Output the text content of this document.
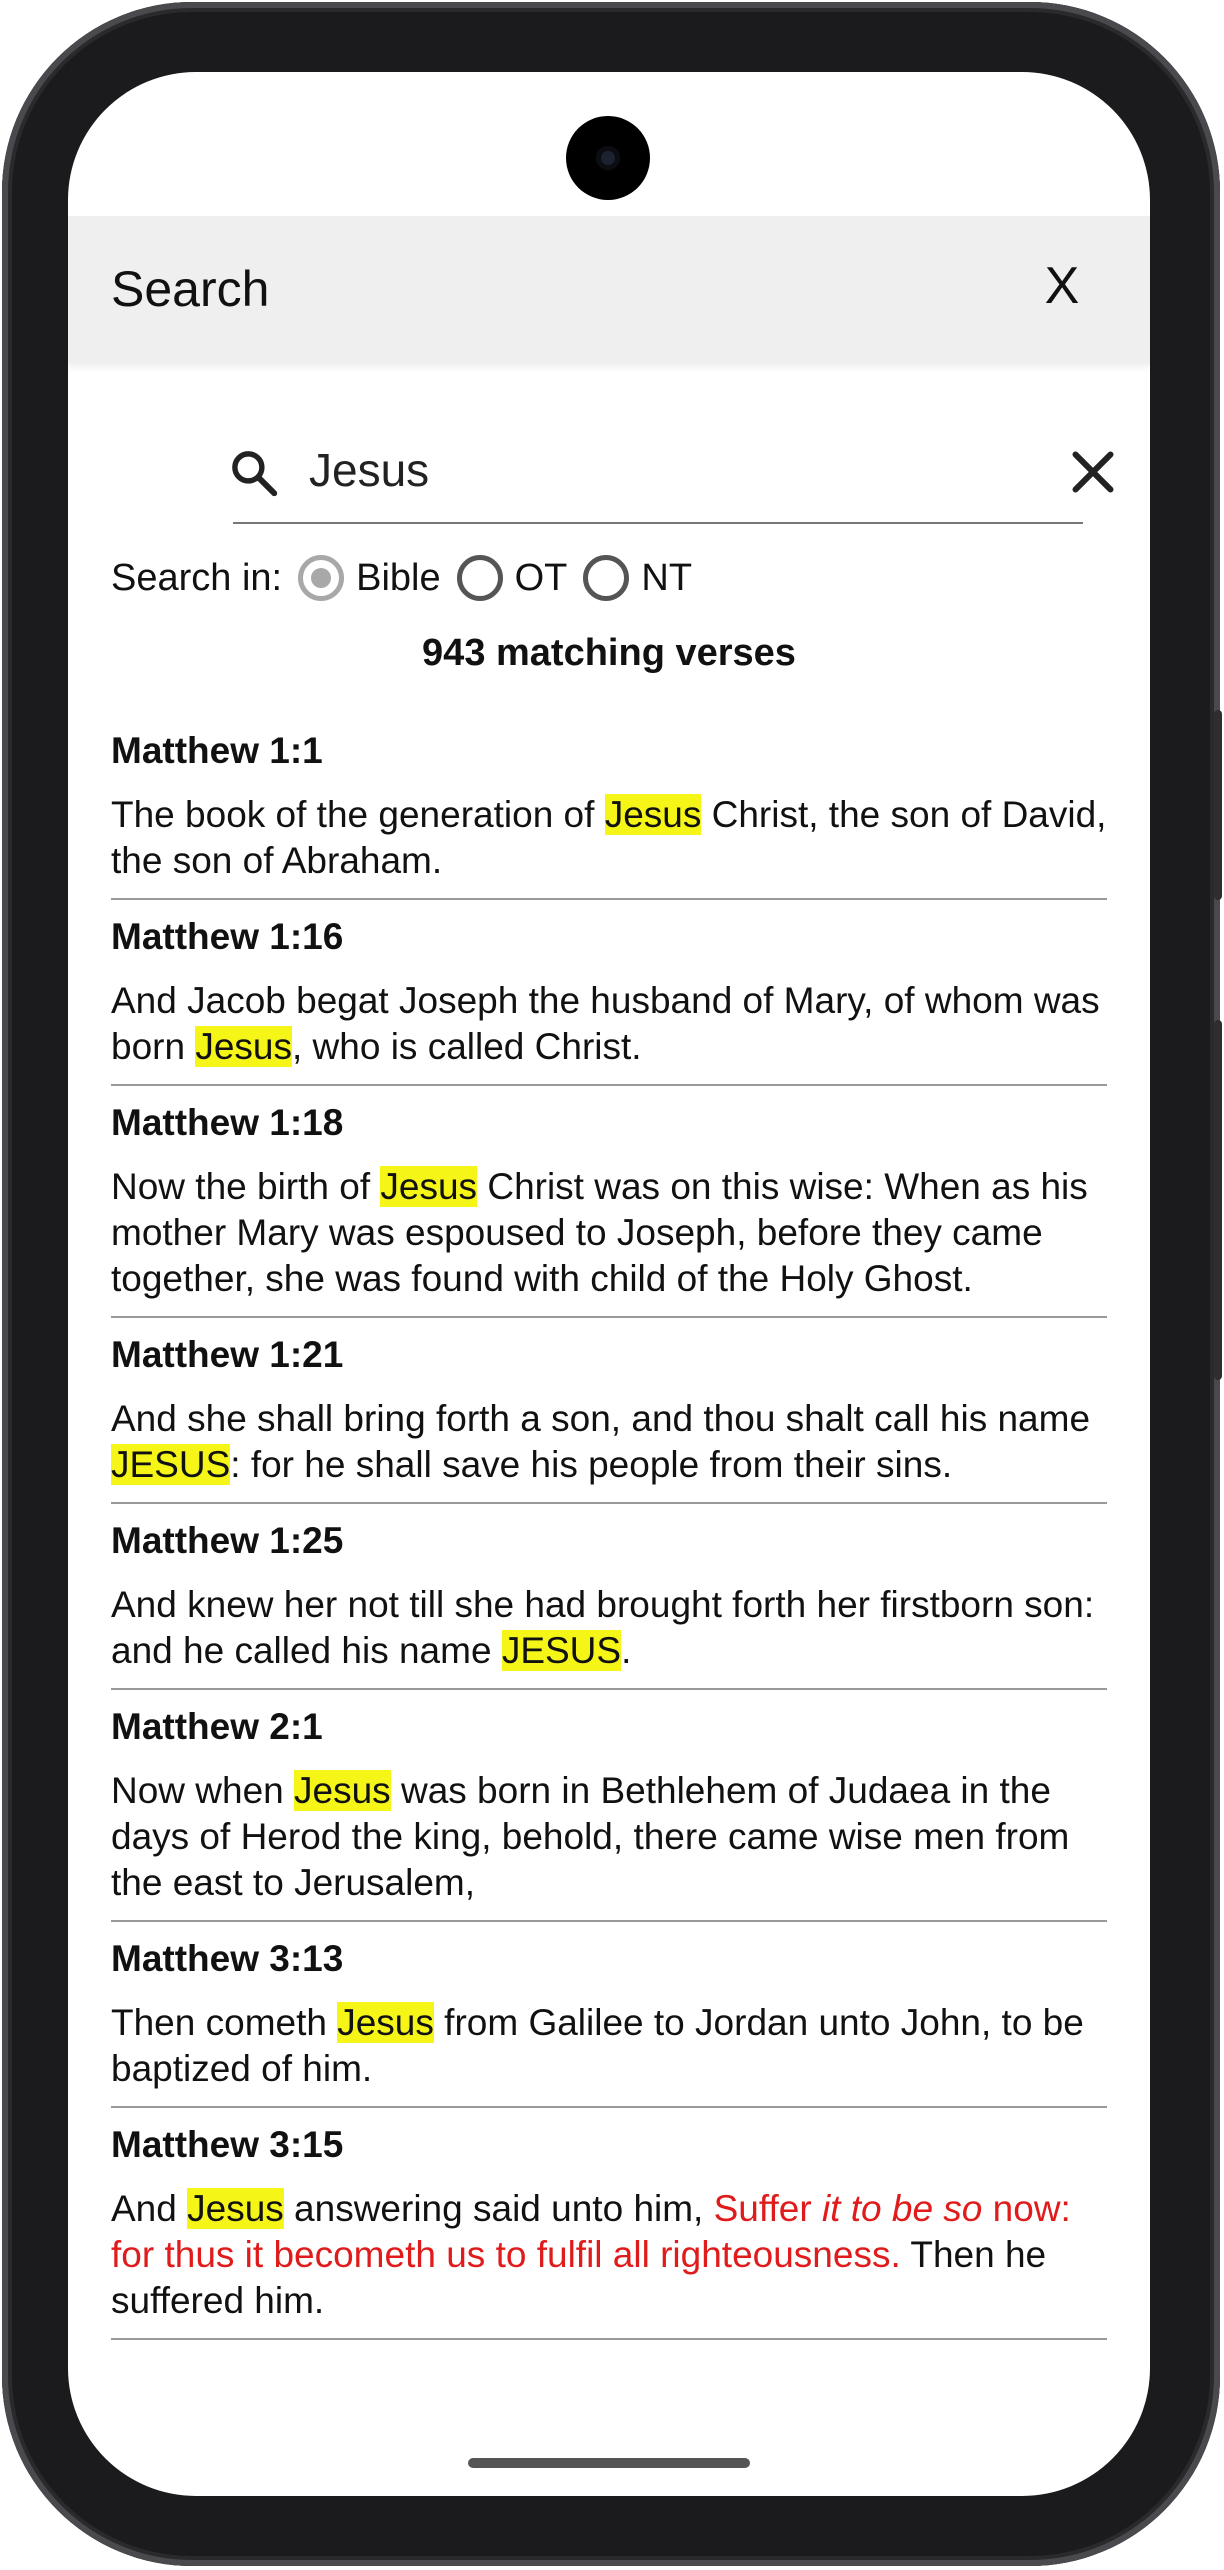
Search	X
Jesus
Search in: Bible OT NT
943 matching verses
Matthew 1:1
The book of the generation of Jesus Christ, the son of David, the son of Abraham.
Matthew 1:16
And Jacob begat Joseph the husband of Mary, of whom was born Jesus, who is called Christ.
Matthew 1:18
Now the birth of Jesus Christ was on this wise: When as his mother Mary was espoused to Joseph, before they came together, she was found with child of the Holy Ghost.
Matthew 1:21
And she shall bring forth a son, and thou shalt call his name JESUS: for he shall save his people from their sins.
Matthew 1:25
And knew her not till she had brought forth her firstborn son: and he called his name JESUS.
Matthew 2:1
Now when Jesus was born in Bethlehem of Judaea in the days of Herod the king, behold, there came wise men from the east to Jerusalem,
Matthew 3:13
Then cometh Jesus from Galilee to Jordan unto John, to be baptized of him.
Matthew 3:15
And Jesus answering said unto him, Suffer it to be so now: for thus it becometh us to fulfil all righteousness. Then he suffered him.
